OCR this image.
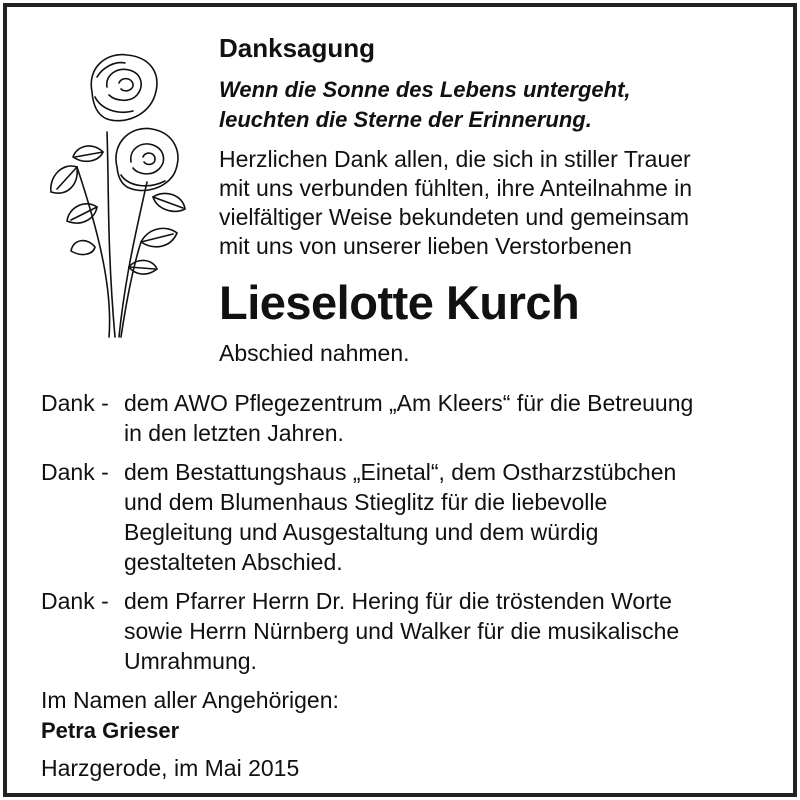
Danksagung
Wenn die Sonne des Lebens untergeht,
leuchten die Sterne der Erinnerung.
Herzlichen Dank allen, die sich in stiller Trauer
mit uns verbunden fühlten, ihre Anteilnahme in
vielfältiger Weise bekundeten und gemeinsam
mit uns von unserer lieben Verstorbenen
Lieselotte Kurch
Abschied nahmen.
Dank - dem AWO Pflegezentrum „Am Kleers“ für die Betreuung
in den letzten Jahren.
Dank - dem Bestattungshaus „Einetal“, dem Ostharzstübchen
und dem Blumenhaus Stieglitz für die liebevolle
Begleitung und Ausgestaltung und dem würdig
gestalteten Abschied.
Dank - dem Pfarrer Herrn Dr. Hering für die tröstenden Worte
sowie Herrn Nürnberg und Walker für die musikalische
Umrahmung.
Im Namen aller Angehörigen:
Petra Grieser
Harzgerode, im Mai 2015
